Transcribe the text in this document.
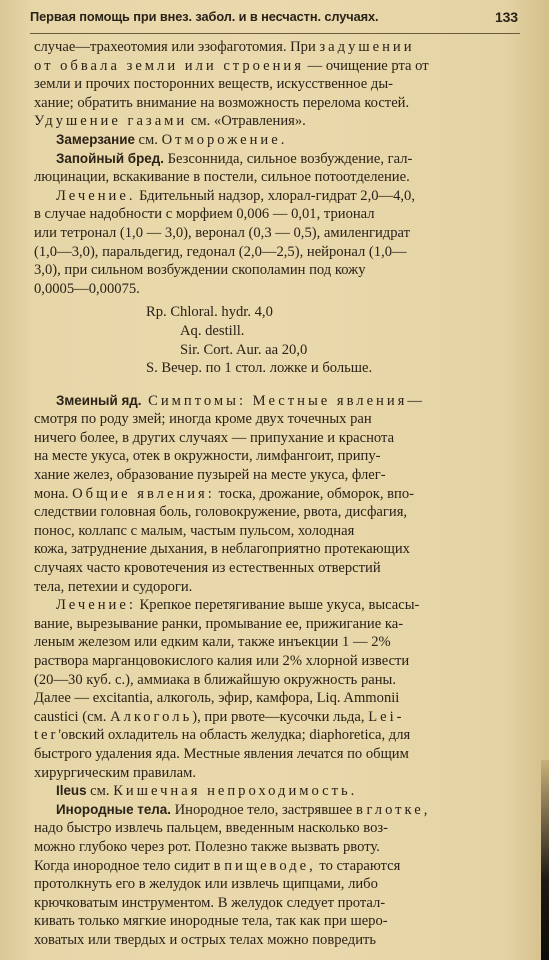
Первая помощь при внез. забол. и в несчастн. случаях.	133

случае—трахеотомия или эзофаготомия. При задушении
от обвала земли или строения — очищение рта от
земли и прочих посторонних веществ, искусственное ды-
хание; обратить внимание на возможность перелома костей.
Удушение газами см. «Отравления».

Замерзание см. Отморожение.

Запойный бред. Безсоннида, сильное возбуждение, гал-
люцинации, вскакивание в постели, сильное потоотделение.

Лечение. Бдительный надзор, хлорал-гидрат 2,0—4,0,
в случае надобности с морфием 0,006 — 0,01, трионал
или тетронал (1,0 — 3,0), веронал (0,3 — 0,5), амиленгидрат
(1,0—3,0), паральдегид, гедонал (2,0—2,5), нейронал (1,0—
3,0), при сильном возбуждении скополамин под кожу
0,0005—0,00075.

Rp. Chloral. hydr. 4,0
Aq. destill.
Sir. Cort. Aur. аа 20,0
S. Вечер. по 1 стол. ложке и больше.

Змеиный яд. Симптомы: Местные явления—
смотря по роду змей; иногда кроме двух точечных ран
ничего более, в других случаях — припухание и краснота
на месте укуса, отек в окружности, лимфангоит, припу-
хание желез, образование пузырей на месте укуса, флег-
мона. Общие явления: тоска, дрожание, обморок, впо-
следствии головная боль, головокружение, рвота, дисфагия,
понос, коллапс с малым, частым пульсом, холодная
кожа, затруднение дыхания, в неблагоприятно протекающих
случаях часто кровотечения из естественных отверстий
тела, петехии и судороги.

Лечение: Крепкое перетягивание выше укуса, высасы-
вание, вырезывание ранки, промывание ее, прижигание ка-
леным железом или едким кали, также инъекции 1 — 2%
раствора марганцовокислого калия или 2% хлорной извести
(20—30 куб. с.), аммиака в ближайшую окружность раны.
Далее — excitantia, алкоголь, эфир, камфора, Liq. Ammonii
caustici (см. Алкоголь), при рвоте—кусочки льда, Lei-
ter'овский охладитель на область желудка; diaphoretica, для
быстрого удаления яда. Местные явления лечатся по общим
хирургическим правилам.

Ileus см. Кишечная непроходимость.

Инородные тела. Инородное тело, застрявшее в глотке,
надо быстро извлечь пальцем, введенным насколько воз-
можно глубоко через рот. Полезно также вызвать рвоту.
Когда инородное тело сидит в пищеводе, то стараются
протолкнуть его в желудок или извлечь щипцами, либо
крючковатым инструментом. В желудок следует протал-
кивать только мягкие инородные тела, так как при шеро-
ховатых или твердых и острых телах можно повредить
